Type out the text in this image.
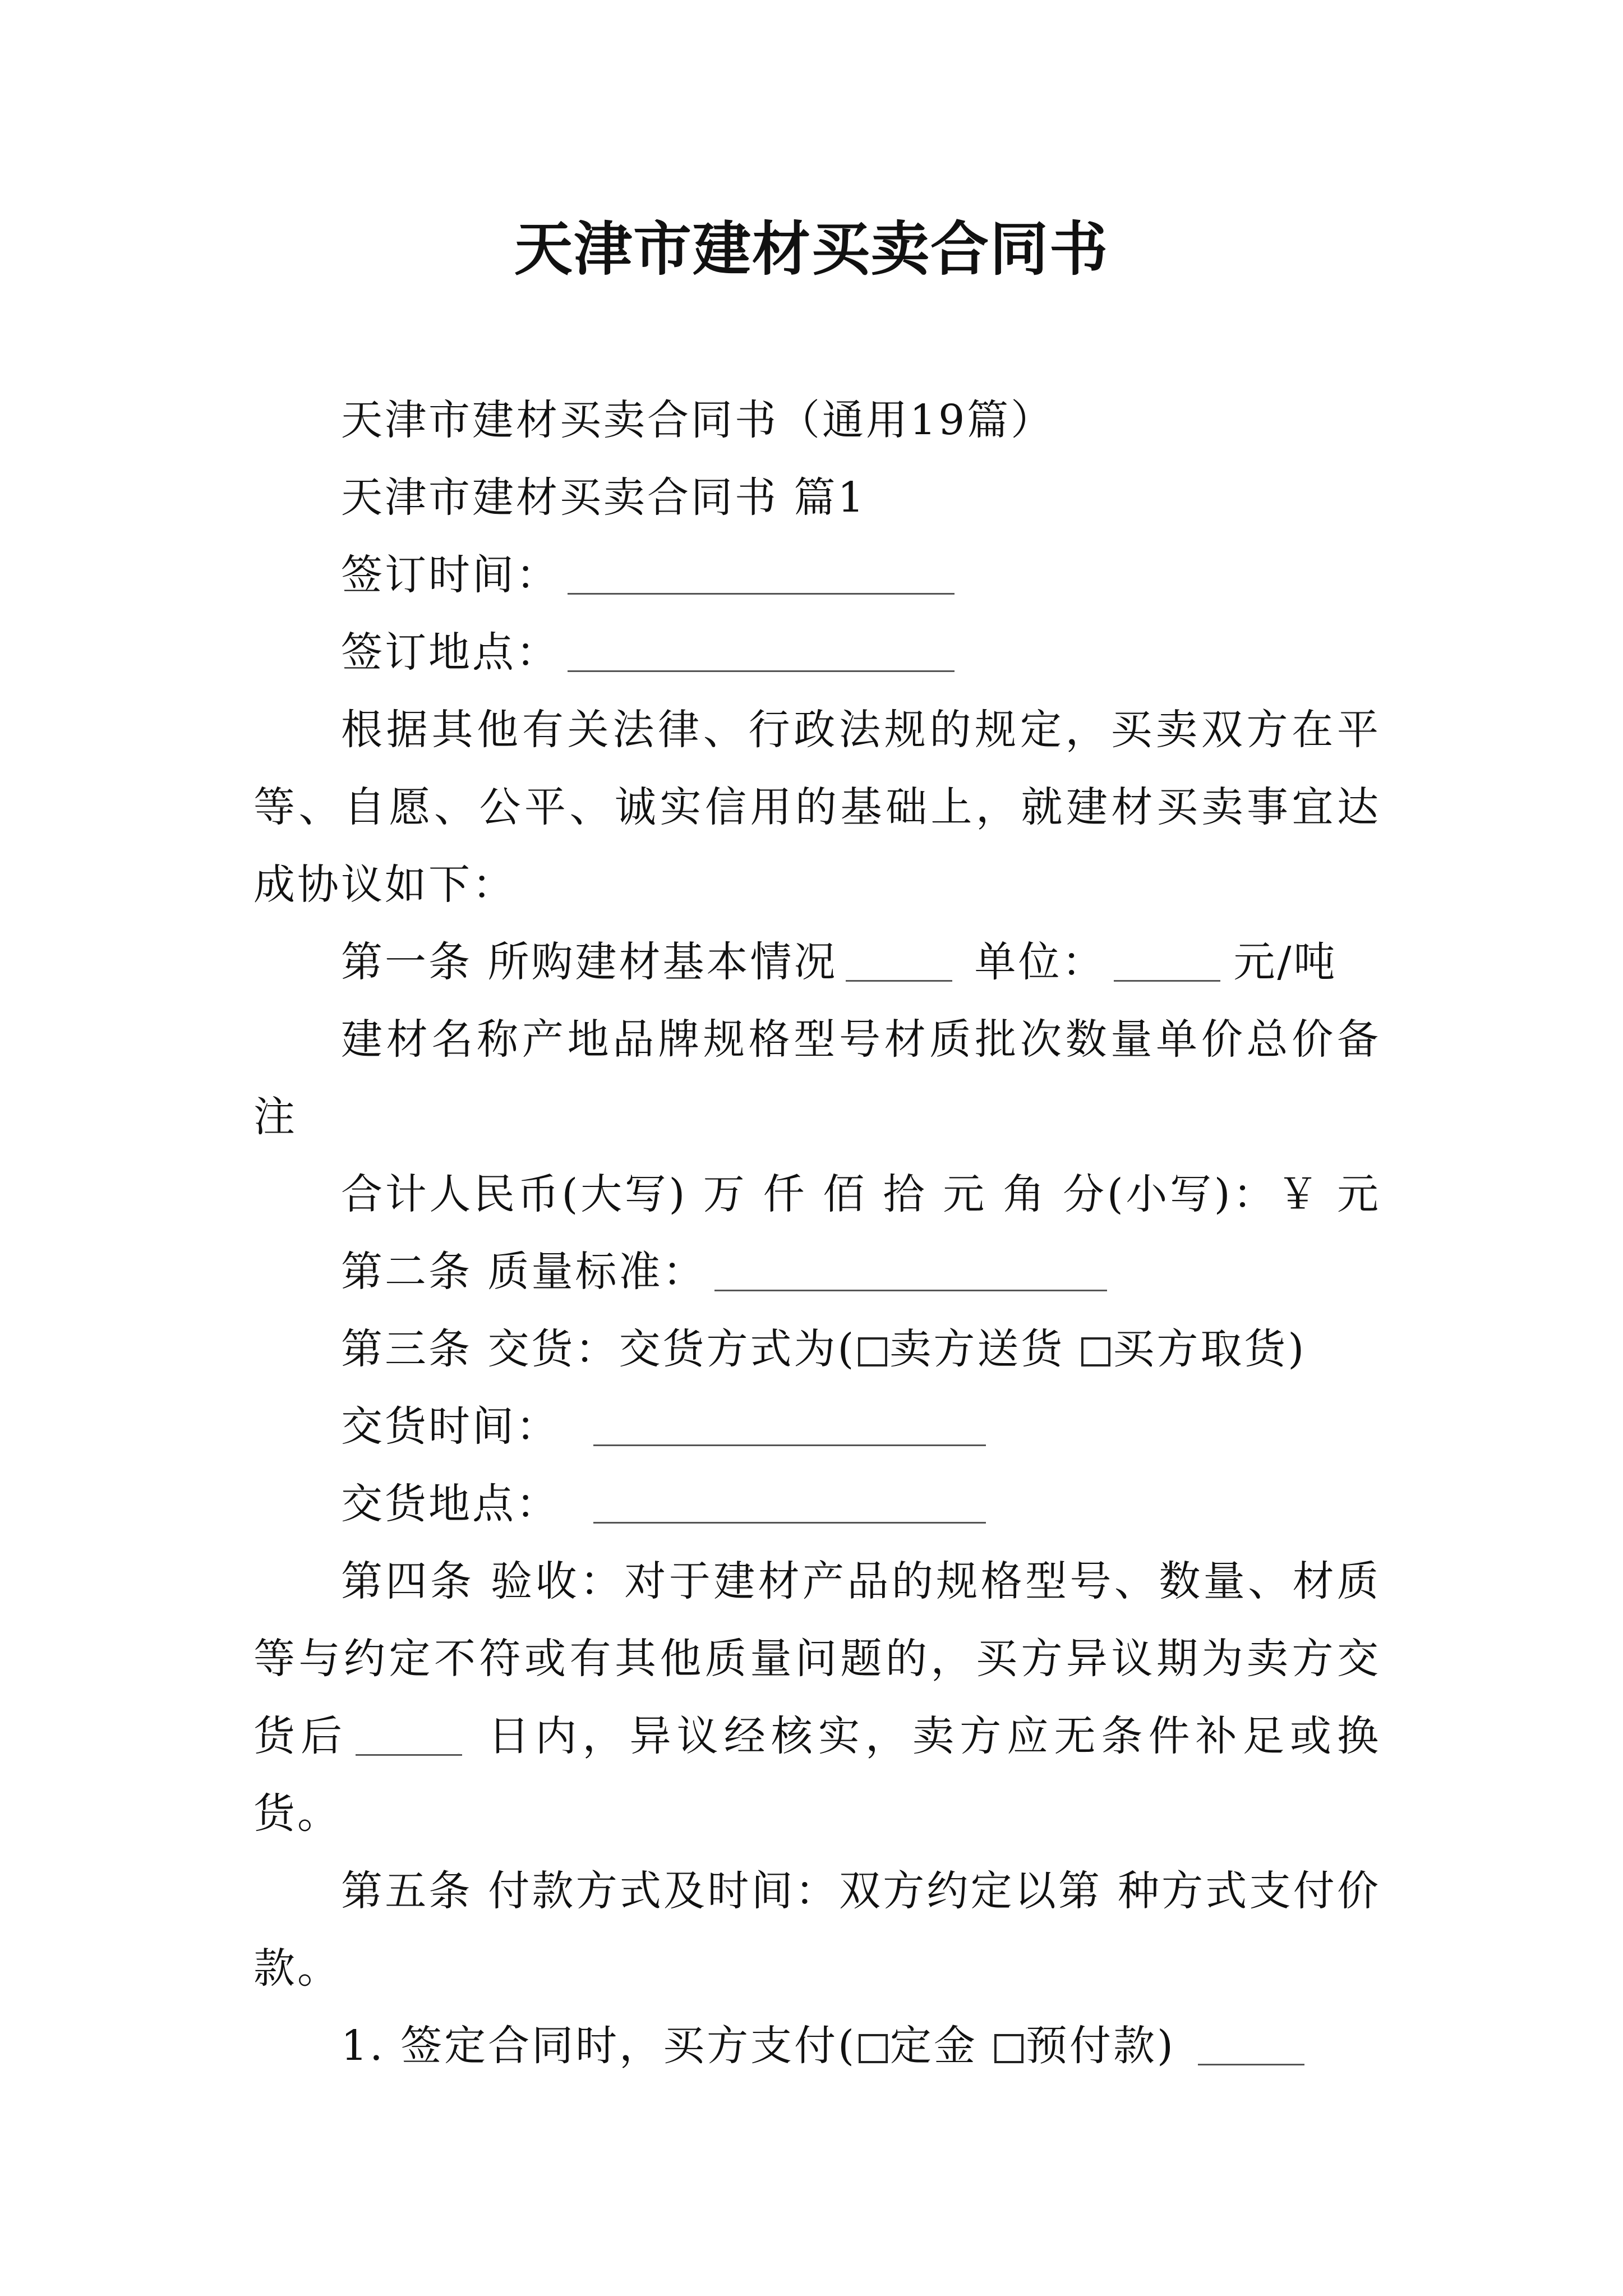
天津市建材买卖合同书

天津市建材买卖合同书（通用19篇）

天津市建材买卖合同书 篇1

签订时间：

签订地点：

根据其他有关法律、行政法规的规定，买卖双方在平等、自愿、公平、诚实信用的基础上，就建材买卖事宜达成协议如下：

第一条 所购建材基本情况	单位：	元/吨

建材名称产地品牌规格型号材质批次数量单价总价备注

合计人民币(大写) 万 仟 佰 拾 元 角 分(小写)：￥ 元

第二条 质量标准：

第三条 交货：交货方式为( 卖方送货 买方取货)

交货时间：

交货地点：

第四条 验收：对于建材产品的规格型号、数量、材质等与约定不符或有其他质量问题的，买方异议期为卖方交货后	日内，异议经核实，卖方应无条件补足或换货。

第五条 付款方式及时间：双方约定以第 种方式支付价款。

1. 签定合同时，买方支付( 定金 预付款)
